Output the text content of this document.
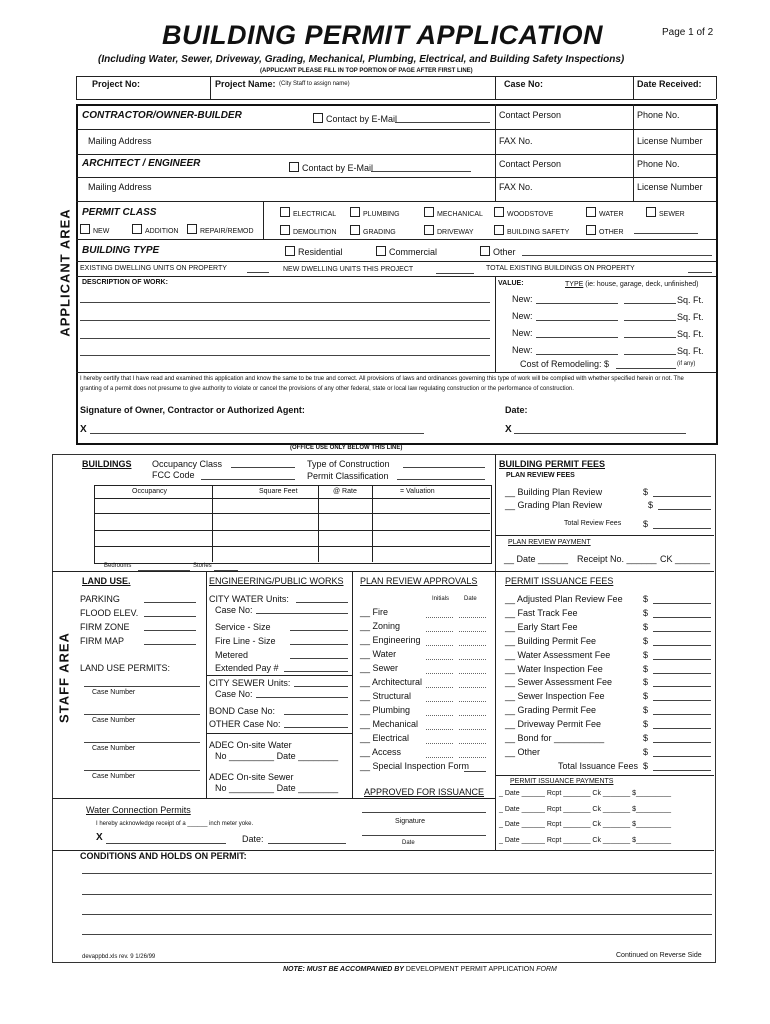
BUILDING PERMIT APPLICATION	Page 1 of 2
(Including Water, Sewer, Driveway, Grading, Mechanical, Plumbing, Electrical, and Building Safety Inspections)
(APPLICANT PLEASE FILL IN TOP PORTION OF PAGE AFTER FIRST LINE)
Project No:	Project Name: (City Staff to assign name)	Case No:	Date Received:
APPLICANT AREA
CONTRACTOR/OWNER-BUILDER	Contact by E-Mail	Contact Person	Phone No.
Mailing Address	FAX No.	License Number
ARCHITECT / ENGINEER	Contact by E-Mail	Contact Person	Phone No.
Mailing Address	FAX No.	License Number
PERMIT CLASS	ELECTRICAL	PLUMBING	MECHANICAL	WOODSTOVE	WATER	SEWER
NEW	ADDITION	REPAIR/REMOD	DEMOLITION	GRADING	DRIVEWAY	BUILDING SAFETY	OTHER
BUILDING TYPE	Residential	Commercial	Other
EXISTING DWELLING UNITS ON PROPERTY	NEW DWELLING UNITS THIS PROJECT	TOTAL EXISTING BUILDINGS ON PROPERTY
DESCRIPTION OF WORK:	VALUE:	TYPE (ie: house, garage, deck, unfinished)
New:	Sq. Ft.
New:	Sq. Ft.
New:	Sq. Ft.
New:	Sq. Ft.
Cost of Remodeling: $	(if any)
I hereby certify that I have read and examined this application and know the same to be true and correct. All provisions of laws and ordinances governing this type of work will be complied with whether specified herein or not. The granting of a permit does not presume to give authority to violate or cancel the provisions of any other federal, state or local law regulating construction or the performance of construction.
Signature of Owner, Contractor or Authorized Agent:	Date:
X	X
(OFFICE USE ONLY BELOW THIS LINE)
STAFF AREA
BUILDINGS Occupancy Class
FCC Code
Type of Construction
Permit Classification
Occupancy	Square Feet	@ Rate	= Valuation
Bedrooms	Stories
BUILDING PERMIT FEES
PLAN REVIEW FEES
__ Building Plan Review	$
__ Grading Plan Review	$
Total Review Fees $
PLAN REVIEW PAYMENT
__ Date ______ Receipt No. ______ CK _______
LAND USE.
PARKING
FLOOD ELEV.
FIRM ZONE
FIRM MAP
LAND USE PERMITS:
Case Number
Case Number
Case Number
Case Number
ENGINEERING/PUBLIC WORKS
CITY WATER Units:
Case No:
Service - Size
Fire Line - Size
Metered
Extended Pay #
CITY SEWER Units:
Case No:
BOND Case No:
OTHER Case No:
ADEC On-site Water
No _________ Date ________
ADEC On-site Sewer
No _________ Date ________
PLAN REVIEW APPROVALS
Initials Date
__ Fire
__ Zoning
__ Engineering
__ Water
__ Sewer
__ Architectural
__ Structural
__ Plumbing
__ Mechanical
__ Electrical
__ Access
__ Special Inspection Form
APPROVED FOR ISSUANCE
Signature
Date
PERMIT ISSUANCE FEES
__ Adjusted Plan Review Fee $
__ Fast Track Fee	$
__ Early Start Fee	$
__ Building Permit Fee	$
__ Water Assessment Fee	$
__ Water Inspection Fee	$
__ Sewer Assessment Fee	$
__ Sewer Inspection Fee	$
__ Grading Permit Fee	$
__ Driveway Permit Fee	$
__ Bond for __________	$
__ Other	$
Total Issuance Fees $
PERMIT ISSUANCE PAYMENTS
_ Date ______ Rcpt _______ Ck _______ $_________
_ Date ______ Rcpt _______ Ck _______ $_________
_ Date ______ Rcpt _______ Ck _______ $_________
_ Date ______ Rcpt _______ Ck _______ $_________
Water Connection Permits
I hereby acknowledge receipt of a ______ inch meter yoke.
X	Date:
CONDITIONS AND HOLDS ON PERMIT:
devappbd.xls rev. 9 1/26/99	Continued on Reverse Side
NOTE: MUST BE ACCOMPANIED BY DEVELOPMENT PERMIT APPLICATION FORM
